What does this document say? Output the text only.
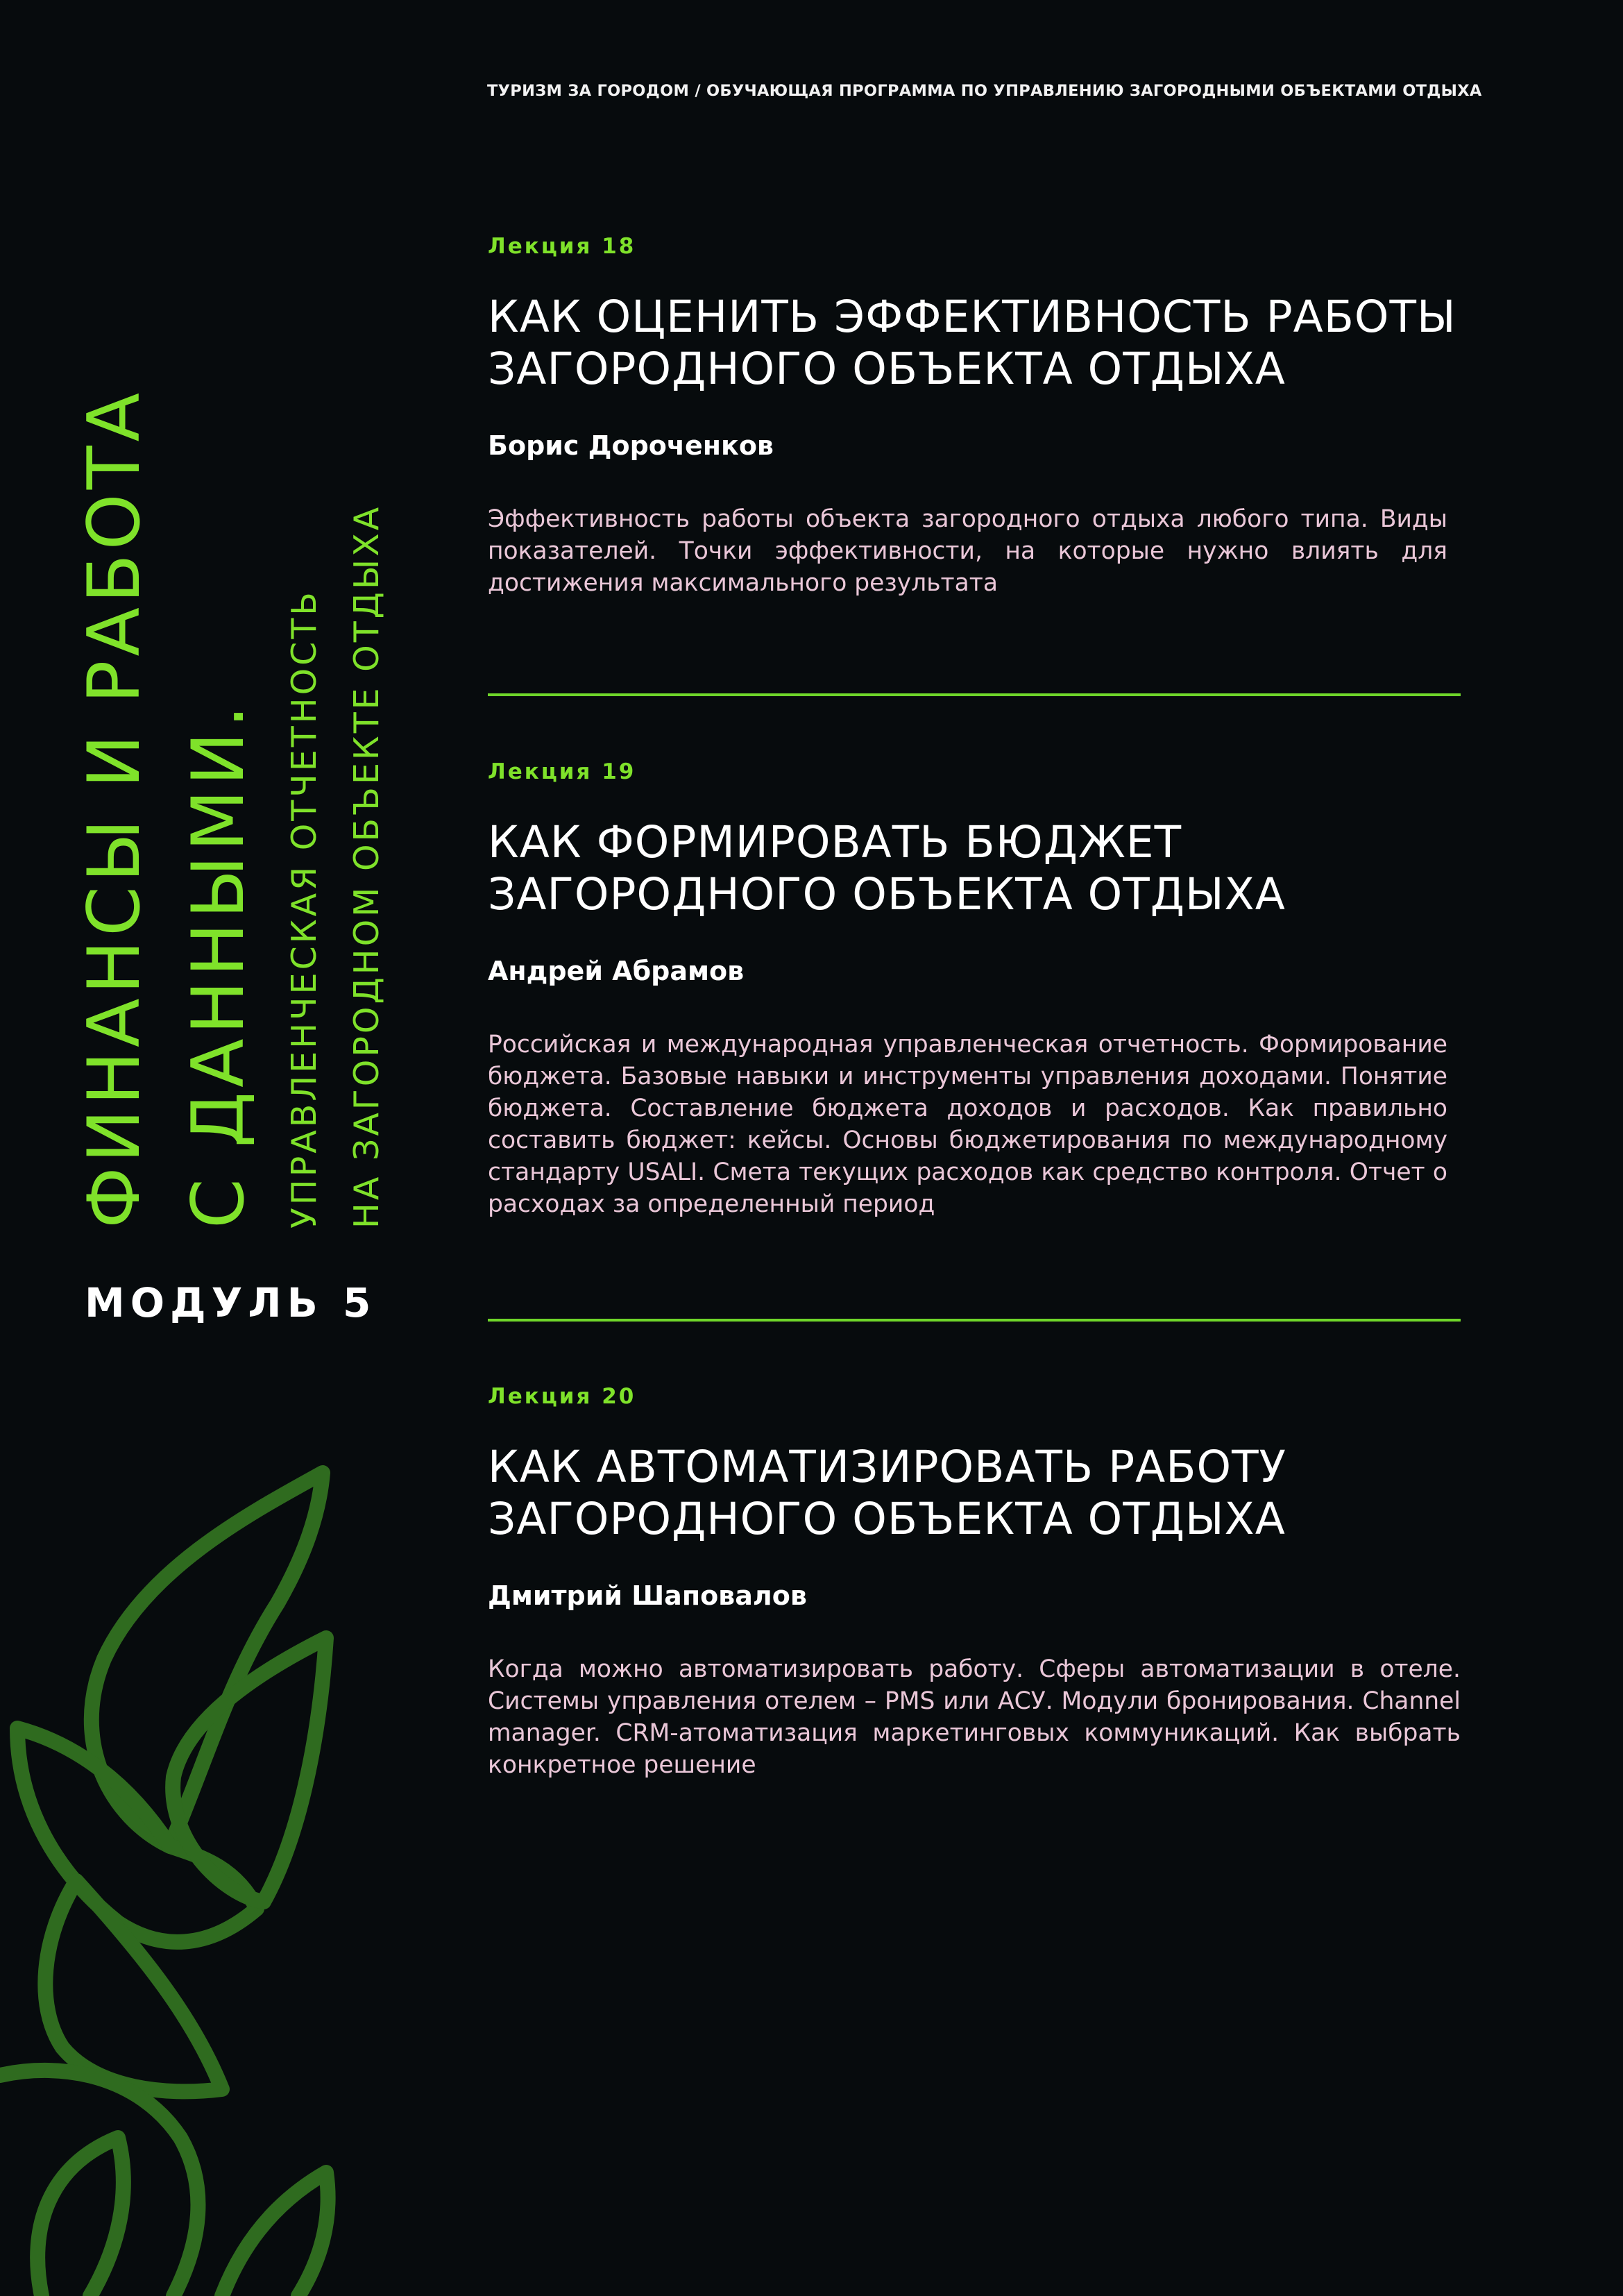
ТУРИЗМ ЗА ГОРОДОМ / ОБУЧАЮЩАЯ ПРОГРАММА ПО УПРАВЛЕНИЮ ЗАГОРОДНЫМИ ОБЪЕКТАМИ ОТДЫХА
ФИНАНСЫ И РАБОТА С ДАННЫМИ. УПРАВЛЕНЧЕСКАЯ ОТЧЕТНОСТЬ НА ЗАГОРОДНОМ ОБЪЕКТЕ ОТДЫХА
МОДУЛЬ 5

Лекция 18

КАК ОЦЕНИТЬ ЭФФЕКТИВНОСТЬ РАБОТЫ
ЗАГОРОДНОГО ОБЪЕКТА ОТДЫХА

Борис Дороченков

Эффективность работы объекта загородного отдыха любого типа. Виды показателей. Точки эффективности, на которые нужно влиять для достижения максимального результата

Лекция 19

КАК ФОРМИРОВАТЬ БЮДЖЕТ
ЗАГОРОДНОГО ОБЪЕКТА ОТДЫХА

Андрей Абрамов

Российская и международная управленческая отчетность. Формирование бюджета. Базовые навыки и инструменты управления доходами. Понятие бюджета. Составление бюджета доходов и расходов. Как правильно составить бюджет: кейсы. Основы бюджетирования по международному стандарту USALI. Смета текущих расходов как средство контроля. Отчет о расходах за определенный период

Лекция 20

КАК АВТОМАТИЗИРОВАТЬ РАБОТУ
ЗАГОРОДНОГО ОБЪЕКТА ОТДЫХА

Дмитрий Шаповалов

Когда можно автоматизировать работу. Сферы автоматизации в отеле. Системы управления отелем – PMS или АСУ. Модули бронирования. Channel manager. CRM-атоматизация маркетинговых коммуникаций. Как выбрать конкретное решение
